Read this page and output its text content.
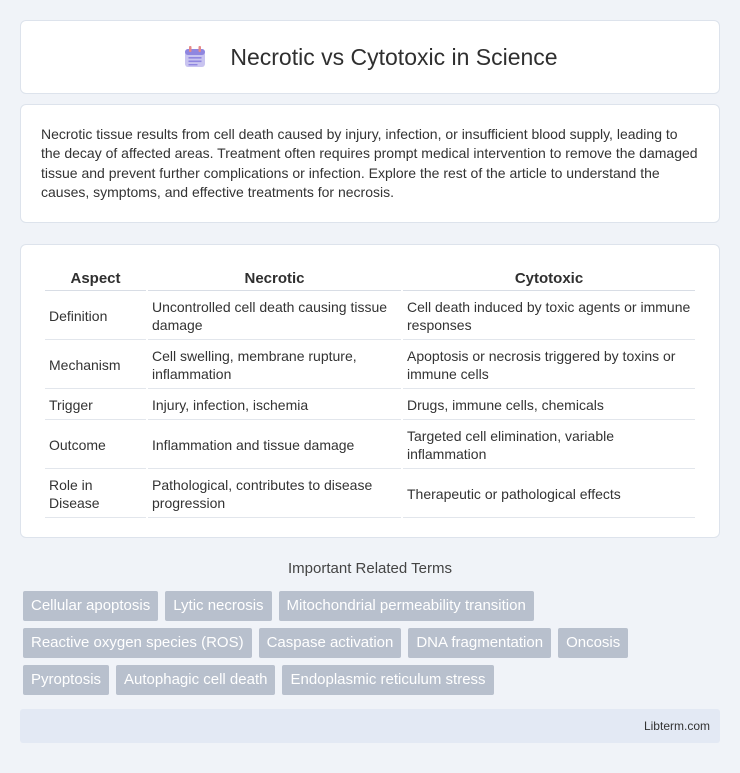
Necrotic vs Cytotoxic in Science

Necrotic tissue results from cell death caused by injury, infection, or insufficient blood supply, leading to the decay of affected areas. Treatment often requires prompt medical intervention to remove the damaged tissue and prevent further complications or infection. Explore the rest of the article to understand the causes, symptoms, and effective treatments for necrosis.

Aspect	Necrotic	Cytotoxic
Definition	Uncontrolled cell death causing tissue damage	Cell death induced by toxic agents or immune responses
Mechanism	Cell swelling, membrane rupture, inflammation	Apoptosis or necrosis triggered by toxins or immune cells
Trigger	Injury, infection, ischemia	Drugs, immune cells, chemicals
Outcome	Inflammation and tissue damage	Targeted cell elimination, variable inflammation
Role in Disease	Pathological, contributes to disease progression	Therapeutic or pathological effects
Important Related Terms
Cellular apoptosis	Lytic necrosis	Mitochondrial permeability transition
Reactive oxygen species (ROS)	Caspase activation	DNA fragmentation	Oncosis
Pyroptosis	Autophagic cell death	Endoplasmic reticulum stress
Libterm.com
